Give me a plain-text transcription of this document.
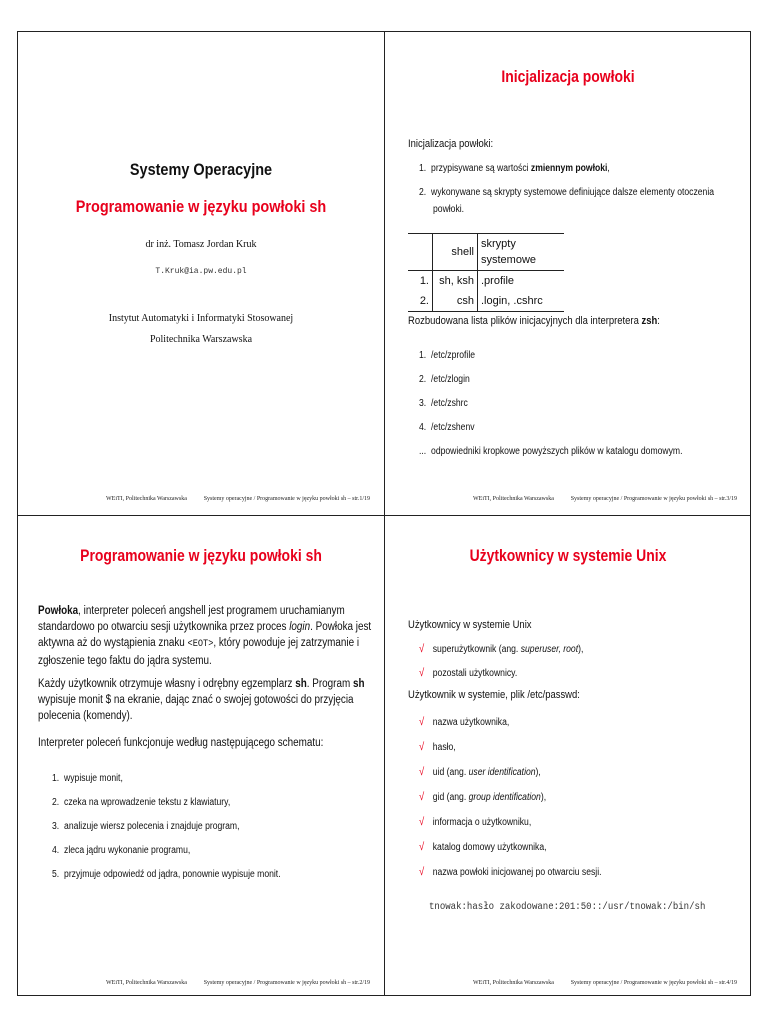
Systemy Operacyjne
Programowanie w języku powłoki sh
dr inż. Tomasz Jordan Kruk
T.Kruk@ia.pw.edu.pl
Instytut Automatyki i Informatyki Stosowanej
Politechnika Warszawska
WEiTI, Politechnika Warszawska	Systemy operacyjne / Programowanie w języku powłoki sh – str.1/19
Inicjalizacja powłoki
Inicjalizacja powłoki:
1. przypisywane są wartości zmiennym powłoki,
2. wykonywane są skrypty systemowe definiujące dalsze elementy otoczenia
powłoki.
	shell	skrypty systemowe
1.	sh, ksh	.profile
2.	csh	.login, .cshrc
Rozbudowana lista plików inicjacyjnych dla interpretera zsh:
1. /etc/zprofile
2. /etc/zlogin
3. /etc/zshrc
4. /etc/zshenv
... odpowiedniki kropkowe powyższych plików w katalogu domowym.
WEiTI, Politechnika Warszawska	Systemy operacyjne / Programowanie w języku powłoki sh – str.3/19
Programowanie w języku powłoki sh
Powłoka, interpreter poleceń angshell jest programem uruchamianym
standardowo po otwarciu sesji użytkownika przez proces login. Powłoka jest
aktywna aż do wystąpienia znaku <EOT>, który powoduje jej zatrzymanie i
zgłoszenie tego faktu do jądra systemu.
Każdy użytkownik otrzymuje własny i odrębny egzemplarz sh. Program sh
wypisuje monit $ na ekranie, dając znać o swojej gotowości do przyjęcia
polecenia (komendy).
Interpreter poleceń funkcjonuje według następującego schematu:
1. wypisuje monit,
2. czeka na wprowadzenie tekstu z klawiatury,
3. analizuje wiersz polecenia i znajduje program,
4. zleca jądru wykonanie programu,
5. przyjmuje odpowiedź od jądra, ponownie wypisuje monit.
WEiTI, Politechnika Warszawska	Systemy operacyjne / Programowanie w języku powłoki sh – str.2/19
Użytkownicy w systemie Unix
Użytkownicy w systemie Unix
√ superużytkownik (ang. superuser, root),
√ pozostali użytkownicy.
Użytkownik w systemie, plik /etc/passwd:
√ nazwa użytkownika,
√ hasło,
√ uid (ang. user identification),
√ gid (ang. group identification),
√ informacja o użytkowniku,
√ katalog domowy użytkownika,
√ nazwa powłoki inicjowanej po otwarciu sesji.
tnowak:hasło zakodowane:201:50::/usr/tnowak:/bin/sh
WEiTI, Politechnika Warszawska	Systemy operacyjne / Programowanie w języku powłoki sh – str.4/19
